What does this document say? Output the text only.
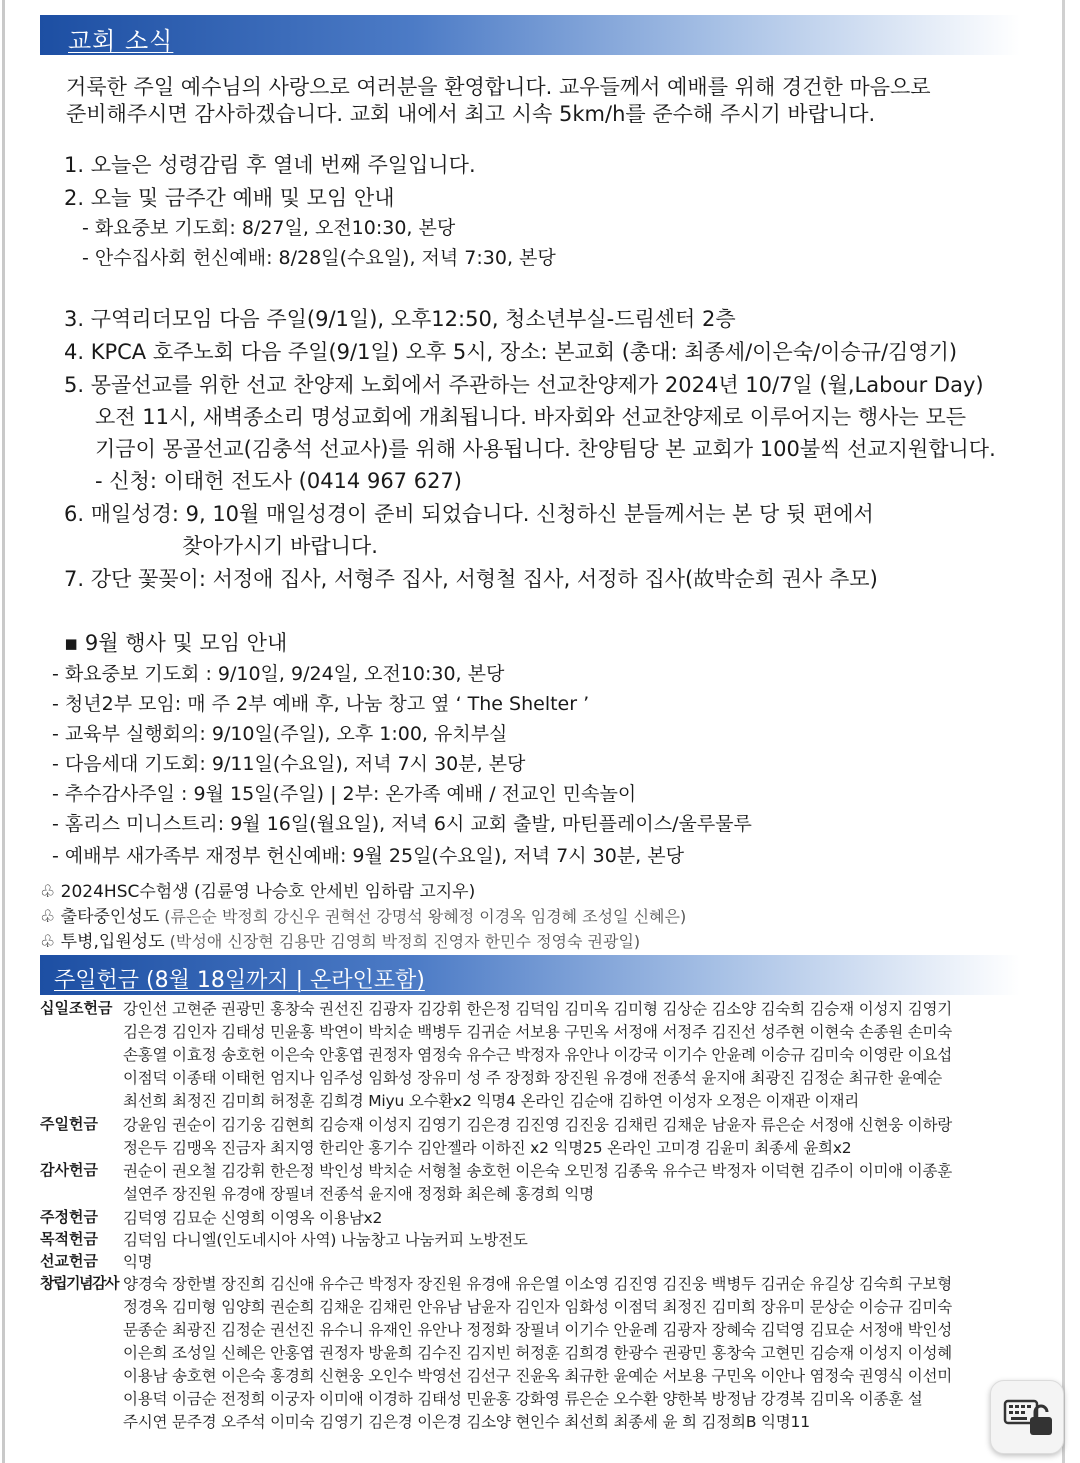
교회 소식
거룩한 주일 예수님의 사랑으로 여러분을 환영합니다. 교우들께서 예배를 위해 경건한 마음으로
준비해주시면 감사하겠습니다. 교회 내에서 최고 시속 5km/h를 준수해 주시기 바랍니다.
1. 오늘은 성령감림 후 열네 번째 주일입니다.
2. 오늘 및 금주간 예배 및 모임 안내
- 화요중보 기도회: 8/27일, 오전10:30, 본당
- 안수집사회 헌신예배: 8/28일(수요일), 저녁 7:30, 본당
3. 구역리더모임 다음 주일(9/1일), 오후12:50, 청소년부실-드림센터 2층
4. KPCA 호주노회 다음 주일(9/1일) 오후 5시, 장소: 본교회 (총대: 최종세/이은숙/이승규/김영기)
5. 몽골선교를 위한 선교 찬양제 노회에서 주관하는 선교찬양제가 2024년 10/7일 (월,Labour Day)
오전 11시, 새벽종소리 명성교회에 개최됩니다. 바자회와 선교찬양제로 이루어지는 행사는 모든
기금이 몽골선교(김충석 선교사)를 위해 사용됩니다. 찬양팀당 본 교회가 100불씩 선교지원합니다.
- 신청: 이태헌 전도사 (0414 967 627)
6. 매일성경: 9, 10월 매일성경이 준비 되었습니다. 신청하신 분들께서는 본 당 뒷 편에서
찾아가시기 바랍니다.
7. 강단 꽃꽂이: 서정애 집사, 서형주 집사, 서형철 집사, 서정하 집사(故박순희 권사 추모)
▪ 9월 행사 및 모임 안내
- 화요중보 기도회 : 9/10일, 9/24일, 오전10:30, 본당
- 청년2부 모임: 매 주 2부 예배 후, 나눔 창고 옆 ‘ The Shelter ’
- 교육부 실행회의: 9/10일(주일), 오후 1:00, 유치부실
- 다음세대 기도회: 9/11일(수요일), 저녁 7시 30분, 본당
- 추수감사주일 : 9월 15일(주일) | 2부: 온가족 예배 / 전교인 민속놀이
- 홈리스 미니스트리: 9월 16일(월요일), 저녁 6시 교회 출발, 마틴플레이스/울루물루
- 예배부 새가족부 재정부 헌신예배: 9월 25일(수요일), 저녁 7시 30분, 본당
♧ 2024HSC수험생 (김륜영 나승호 안세빈 임하람 고지우)
♧ 출타중인성도 (류은순 박정희 강신우 권혁선 강명석 왕혜정 이경옥 임경혜 조성일 신혜은)
♧ 투병,입원성도 (박성애 신장현 김용만 김영희 박정희 진영자 한민수 정영숙 권광일)
주일헌금 (8월 18일까지 | 온라인포함)
십일조헌금 강인선 고현준 권광민 홍창숙 권선진 김광자 김강휘 한은정 김덕임 김미옥 김미형 김상순 김소양 김숙희 김승재 이성지 김영기
김은경 김인자 김태성 민윤홍 박연이 박치순 백병두 김귀순 서보용 구민옥 서정애 서정주 김진선 성주현 이현숙 손종원 손미숙
손홍열 이효정 송호헌 이은숙 안홍엽 권정자 염정숙 유수근 박정자 유안나 이강국 이기수 안윤례 이승규 김미숙 이영란 이요섭
이점덕 이종태 이태헌 엄지나 임주성 임화성 장유미 성 주 장정화 장진원 유경애 전종석 윤지애 최광진 김정순 최규한 윤예순
최선희 최정진 김미희 허정훈 김희경 Miyu 오수환x2 익명4 온라인 김순애 김하연 이성자 오정은 이재관 이재리
주일헌금 강윤임 권순이 김기웅 김현희 김승재 이성지 김영기 김은경 김진영 김진웅 김채린 김채운 남윤자 류은순 서정애 신현웅 이하랑
정은두 김맹옥 진금자 최지영 한리안 홍기수 김안젤라 이하진 x2 익명25 온라인 고미경 김윤미 최종세 윤희x2
감사헌금 권순이 권오철 김강휘 한은정 박인성 박치순 서형철 송호헌 이은숙 오민정 김종욱 유수근 박정자 이덕현 김주이 이미애 이종훈
설연주 장진원 유경애 장필녀 전종석 윤지애 정정화 최은혜 홍경희 익명
주정헌금 김덕영 김묘순 신영희 이영옥 이용남x2
목적헌금 김덕임 다니엘(인도네시아 사역) 나눔창고 나눔커피 노방전도
선교헌금 익명
창립기념감사 양경숙 장한별 장진희 김신애 유수근 박정자 장진원 유경애 유은열 이소영 김진영 김진웅 백병두 김귀순 유길상 김숙희 구보형
정경옥 김미형 임양희 권순희 김채운 김채린 안유남 남윤자 김인자 임화성 이점덕 최정진 김미희 장유미 문상순 이승규 김미숙
문종순 최광진 김정순 권선진 유수니 유재인 유안나 정정화 장필녀 이기수 안윤례 김광자 장혜숙 김덕영 김묘순 서정애 박인성
이은희 조성일 신혜은 안홍엽 권정자 방윤희 김수진 김지빈 허정훈 김희경 한광수 권광민 홍창숙 고현민 김승재 이성지 이성혜
이용남 송호현 이은숙 홍경희 신현웅 오인수 박영선 김선구 진윤옥 최규한 윤예순 서보용 구민옥 이안나 염정숙 권영식 이선미
이용덕 이금순 전정희 이궁자 이미애 이경하 김태성 민윤홍 강화영 류은순 오수환 양한복 방정남 강경복 김미옥 이종훈 설
주시연 문주경 오주석 이미숙 김영기 김은경 이은경 김소양 현인수 최선희 최종세 윤 희 김정희B 익명11
